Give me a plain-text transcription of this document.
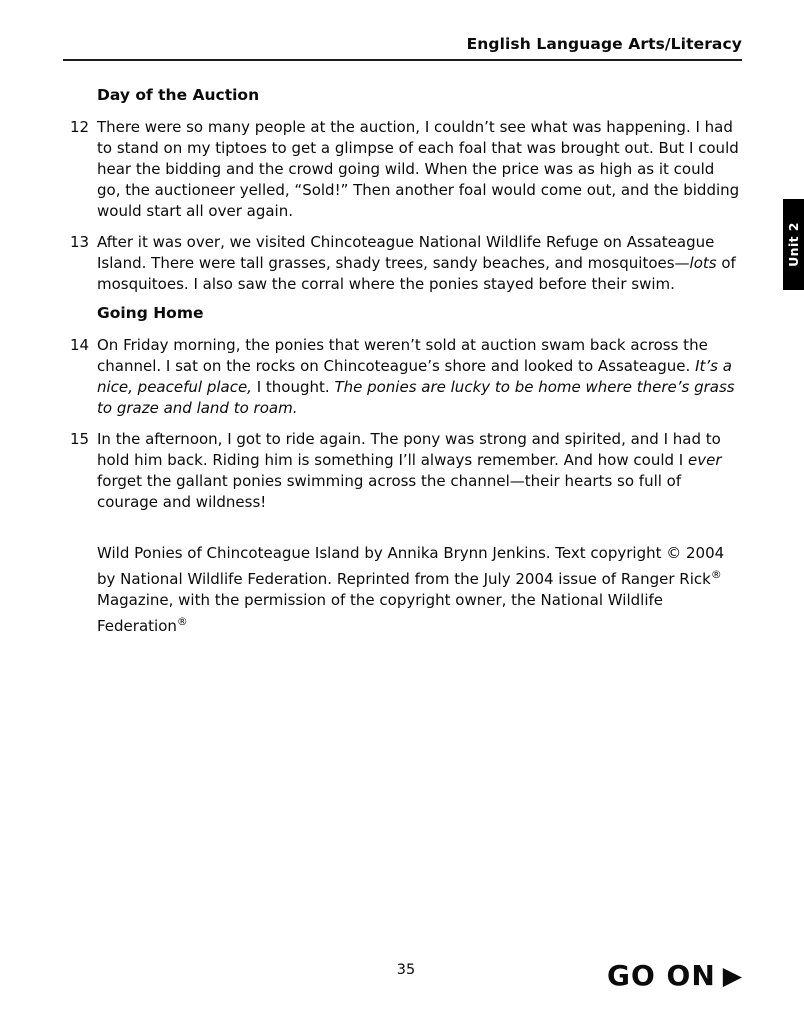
English Language Arts/Literacy
Unit 2
Day of the Auction
12 There were so many people at the auction, I couldn’t see what was happening. I had to stand on my tiptoes to get a glimpse of each foal that was brought out. But I could hear the bidding and the crowd going wild. When the price was as high as it could go, the auctioneer yelled, “Sold!” Then another foal would come out, and the bidding would start all over again.
13 After it was over, we visited Chincoteague National Wildlife Refuge on Assateague Island. There were tall grasses, shady trees, sandy beaches, and mosquitoes—lots of mosquitoes. I also saw the corral where the ponies stayed before their swim.
Going Home
14 On Friday morning, the ponies that weren’t sold at auction swam back across the channel. I sat on the rocks on Chincoteague’s shore and looked to Assateague. It’s a nice, peaceful place, I thought. The ponies are lucky to be home where there’s grass to graze and land to roam.
15 In the afternoon, I got to ride again. The pony was strong and spirited, and I had to hold him back. Riding him is something I’ll always remember. And how could I ever forget the gallant ponies swimming across the channel—their hearts so full of courage and wildness!
Wild Ponies of Chincoteague Island by Annika Brynn Jenkins. Text copyright © 2004 by National Wildlife Federation. Reprinted from the July 2004 issue of Ranger Rick® Magazine, with the permission of the copyright owner, the National Wildlife Federation®
35	GO ON ▶
